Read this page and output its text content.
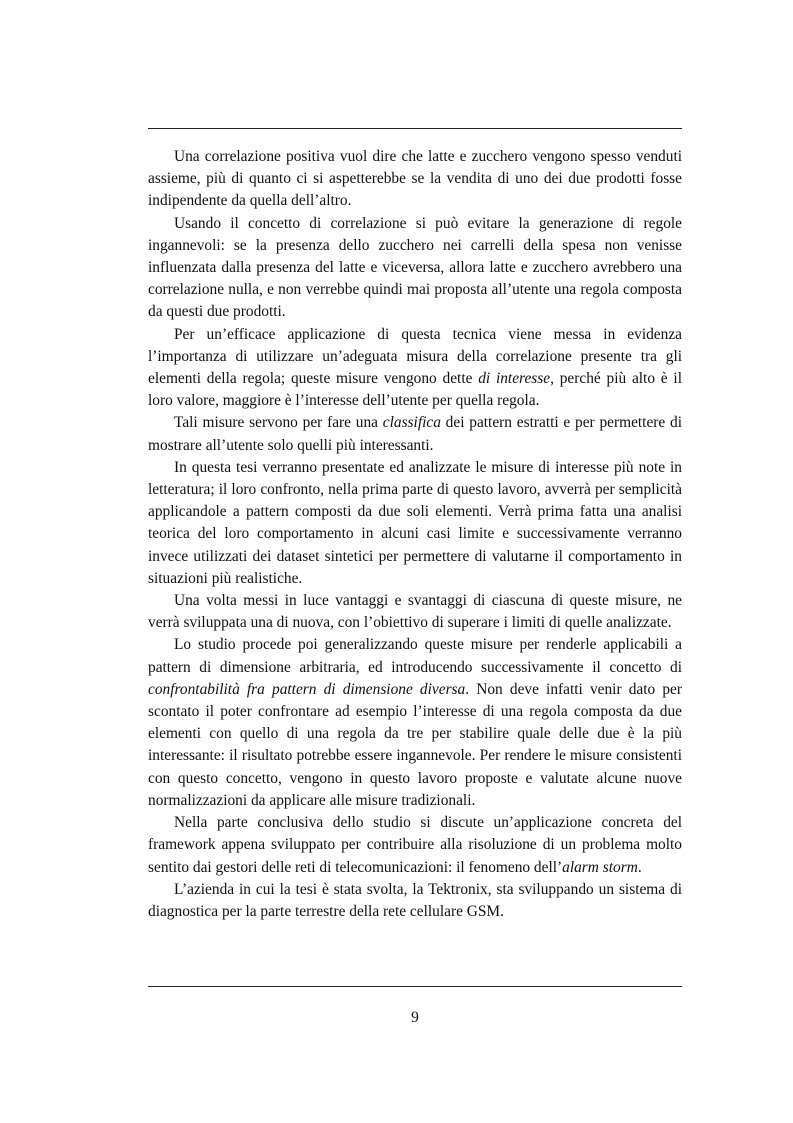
Una correlazione positiva vuol dire che latte e zucchero vengono spesso venduti assieme, più di quanto ci si aspetterebbe se la vendita di uno dei due prodotti fosse indipendente da quella dell’altro.

Usando il concetto di correlazione si può evitare la generazione di regole ingannevoli: se la presenza dello zucchero nei carrelli della spesa non venisse influenzata dalla presenza del latte e viceversa, allora latte e zucchero avrebbero una correlazione nulla, e non verrebbe quindi mai proposta all’utente una regola composta da questi due prodotti.

Per un’efficace applicazione di questa tecnica viene messa in evidenza l’importanza di utilizzare un’adeguata misura della correlazione presente tra gli elementi della regola; queste misure vengono dette di interesse, perché più alto è il loro valore, maggiore è l’interesse dell’utente per quella regola.

Tali misure servono per fare una classifica dei pattern estratti e per permettere di mostrare all’utente solo quelli più interessanti.

In questa tesi verranno presentate ed analizzate le misure di interesse più note in letteratura; il loro confronto, nella prima parte di questo lavoro, avverrà per semplicità applicandole a pattern composti da due soli elementi. Verrà prima fatta una analisi teorica del loro comportamento in alcuni casi limite e successivamente verranno invece utilizzati dei dataset sintetici per permettere di valutarne il comportamento in situazioni più realistiche.

Una volta messi in luce vantaggi e svantaggi di ciascuna di queste misure, ne verrà sviluppata una di nuova, con l’obiettivo di superare i limiti di quelle analizzate.

Lo studio procede poi generalizzando queste misure per renderle applicabili a pattern di dimensione arbitraria, ed introducendo successivamente il concetto di confrontabilità fra pattern di dimensione diversa. Non deve infatti venir dato per scontato il poter confrontare ad esempio l’interesse di una regola composta da due elementi con quello di una regola da tre per stabilire quale delle due è la più interessante: il risultato potrebbe essere ingannevole. Per rendere le misure consistenti con questo concetto, vengono in questo lavoro proposte e valutate alcune nuove normalizzazioni da applicare alle misure tradizionali.

Nella parte conclusiva dello studio si discute un’applicazione concreta del framework appena sviluppato per contribuire alla risoluzione di un problema molto sentito dai gestori delle reti di telecomunicazioni: il fenomeno dell’alarm storm.

L’azienda in cui la tesi è stata svolta, la Tektronix, sta sviluppando un sistema di diagnostica per la parte terrestre della rete cellulare GSM.

9
